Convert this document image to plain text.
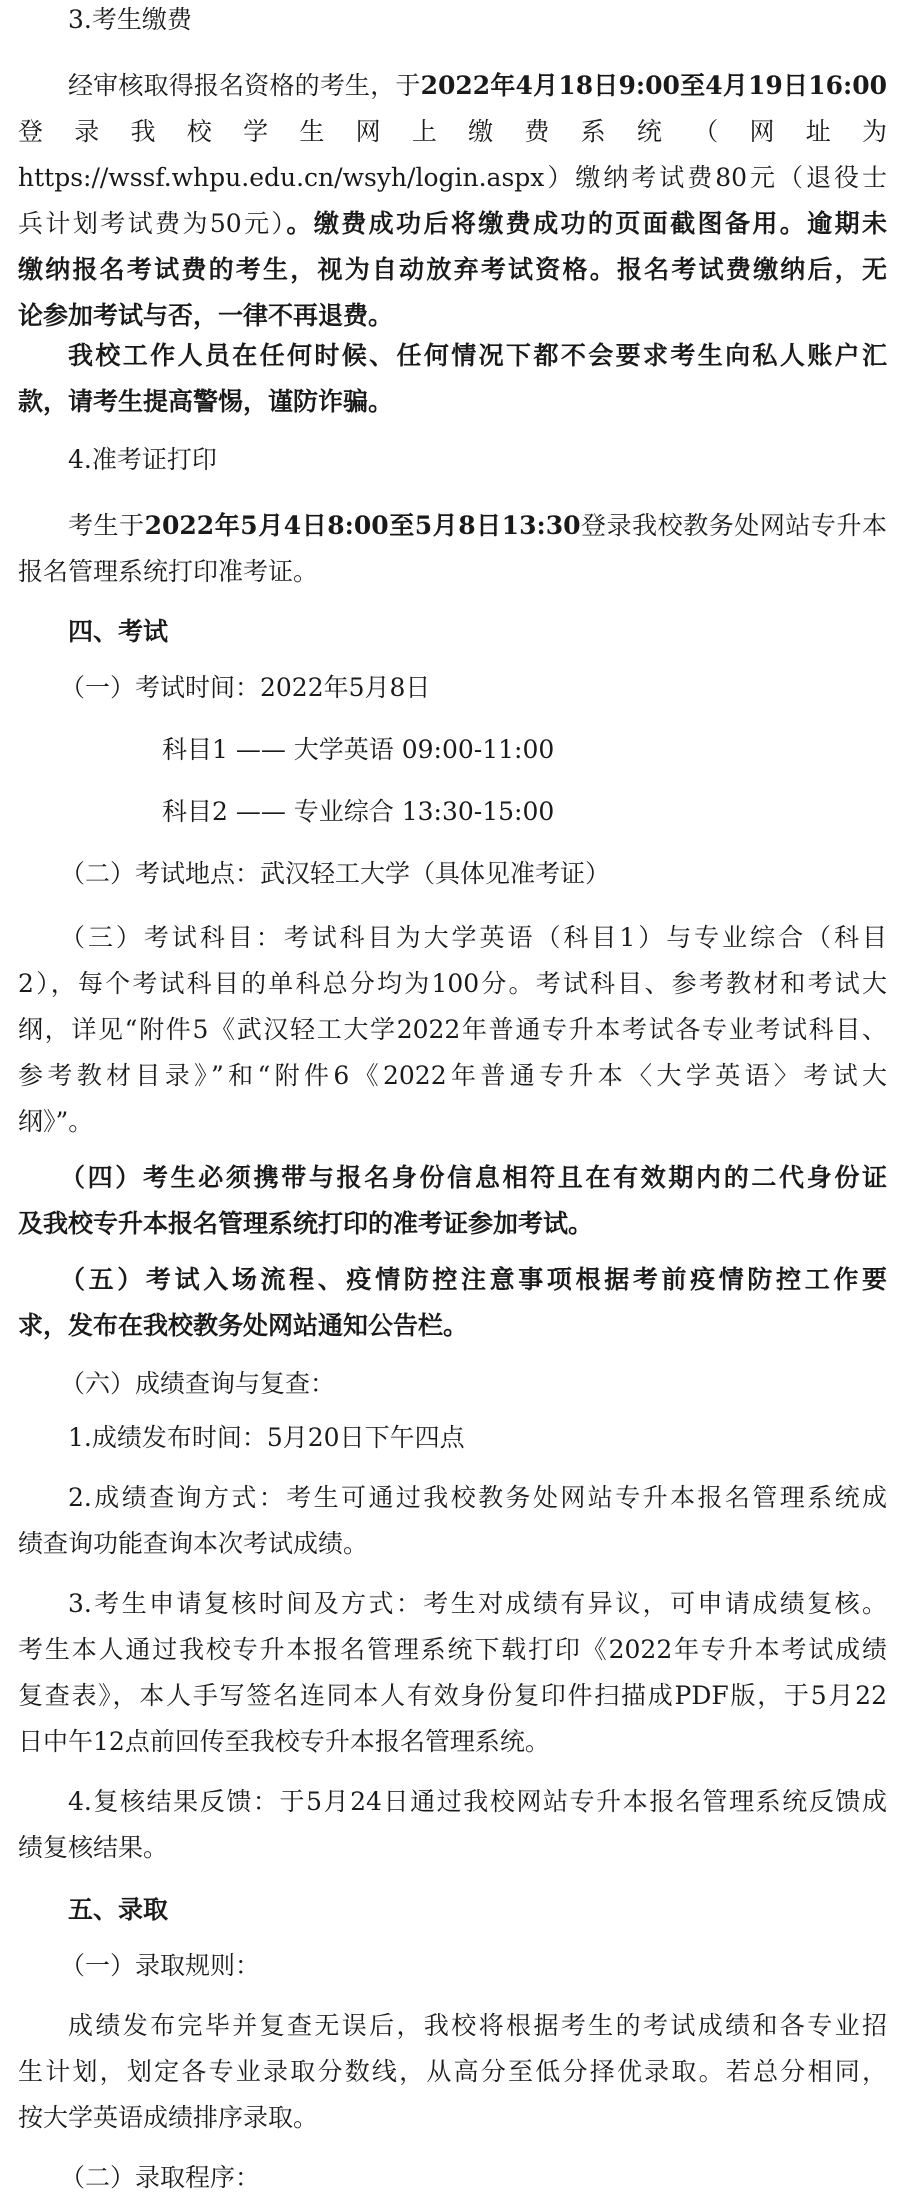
3.考生缴费
经审核取得报名资格的考生，于2022年4月18日9:00至4月19日16:00
登 录 我 校 学 生 网 上 缴 费 系 统 （ 网 址 为
https://wssf.whpu.edu.cn/wsyh/login.aspx）缴纳考试费80元（退役士
兵计划考试费为50元）。缴费成功后将缴费成功的页面截图备用。逾期未
缴纳报名考试费的考生，视为自动放弃考试资格。报名考试费缴纳后，无
论参加考试与否，一律不再退费。
我校工作人员在任何时候、任何情况下都不会要求考生向私人账户汇
款，请考生提高警惕，谨防诈骗。
4.准考证打印
考生于2022年5月4日8:00至5月8日13:30登录我校教务处网站专升本
报名管理系统打印准考证。
四、考试
（一）考试时间：2022年5月8日
科目1 —— 大学英语 09:00-11:00
科目2 —— 专业综合 13:30-15:00
（二）考试地点：武汉轻工大学（具体见准考证）
（三）考试科目：考试科目为大学英语（科目1）与专业综合（科目
2），每个考试科目的单科总分均为100分。考试科目、参考教材和考试大
纲，详见“附件5《武汉轻工大学2022年普通专升本考试各专业考试科目、
参考教材目录》”和“附件6《2022年普通专升本〈大学英语〉考试大
纲》”。
（四）考生必须携带与报名身份信息相符且在有效期内的二代身份证
及我校专升本报名管理系统打印的准考证参加考试。
（五）考试入场流程、疫情防控注意事项根据考前疫情防控工作要
求，发布在我校教务处网站通知公告栏。
（六）成绩查询与复查：
1.成绩发布时间：5月20日下午四点
2.成绩查询方式：考生可通过我校教务处网站专升本报名管理系统成
绩查询功能查询本次考试成绩。
3.考生申请复核时间及方式：考生对成绩有异议，可申请成绩复核。
考生本人通过我校专升本报名管理系统下载打印《2022年专升本考试成绩
复查表》，本人手写签名连同本人有效身份复印件扫描成PDF版，于5月22
日中午12点前回传至我校专升本报名管理系统。
4.复核结果反馈：于5月24日通过我校网站专升本报名管理系统反馈成
绩复核结果。
五、录取
（一）录取规则：
成绩发布完毕并复查无误后，我校将根据考生的考试成绩和各专业招
生计划，划定各专业录取分数线，从高分至低分择优录取。若总分相同，
按大学英语成绩排序录取。
（二）录取程序：
